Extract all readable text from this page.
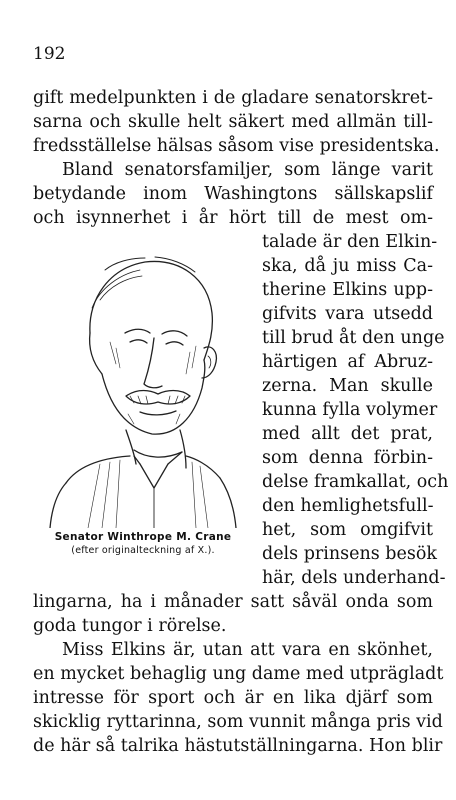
192
gift medelpunkten i de gladare senatorskret-
sarna och skulle helt säkert med allmän till-
fredsställelse hälsas såsom vise presidentska.
Bland senatorsfamiljer, som länge varit
betydande inom Washingtons sällskapslif
och isynnerhet i år hört till de mest om-
talade är den Elkin-
ska, då ju miss Ca-
therine Elkins upp-
gifvits vara utsedd
till brud åt den unge
härtigen af Abruz-
zerna. Man skulle
kunna fylla volymer
med allt det prat,
som denna förbin-
delse framkallat, och
den hemlighetsfull-
het, som omgifvit
dels prinsens besök
här, dels underhand-
lingarna, ha i månader satt såväl onda som
goda tungor i rörelse.
Miss Elkins är, utan att vara en skönhet,
en mycket behaglig ung dame med utprägladt
intresse för sport och är en lika djärf som
skicklig ryttarinna, som vunnit många pris vid
de här så talrika hästutställningarna. Hon blir
Senator Winthrope M. Crane
(efter originalteckning af X.).
